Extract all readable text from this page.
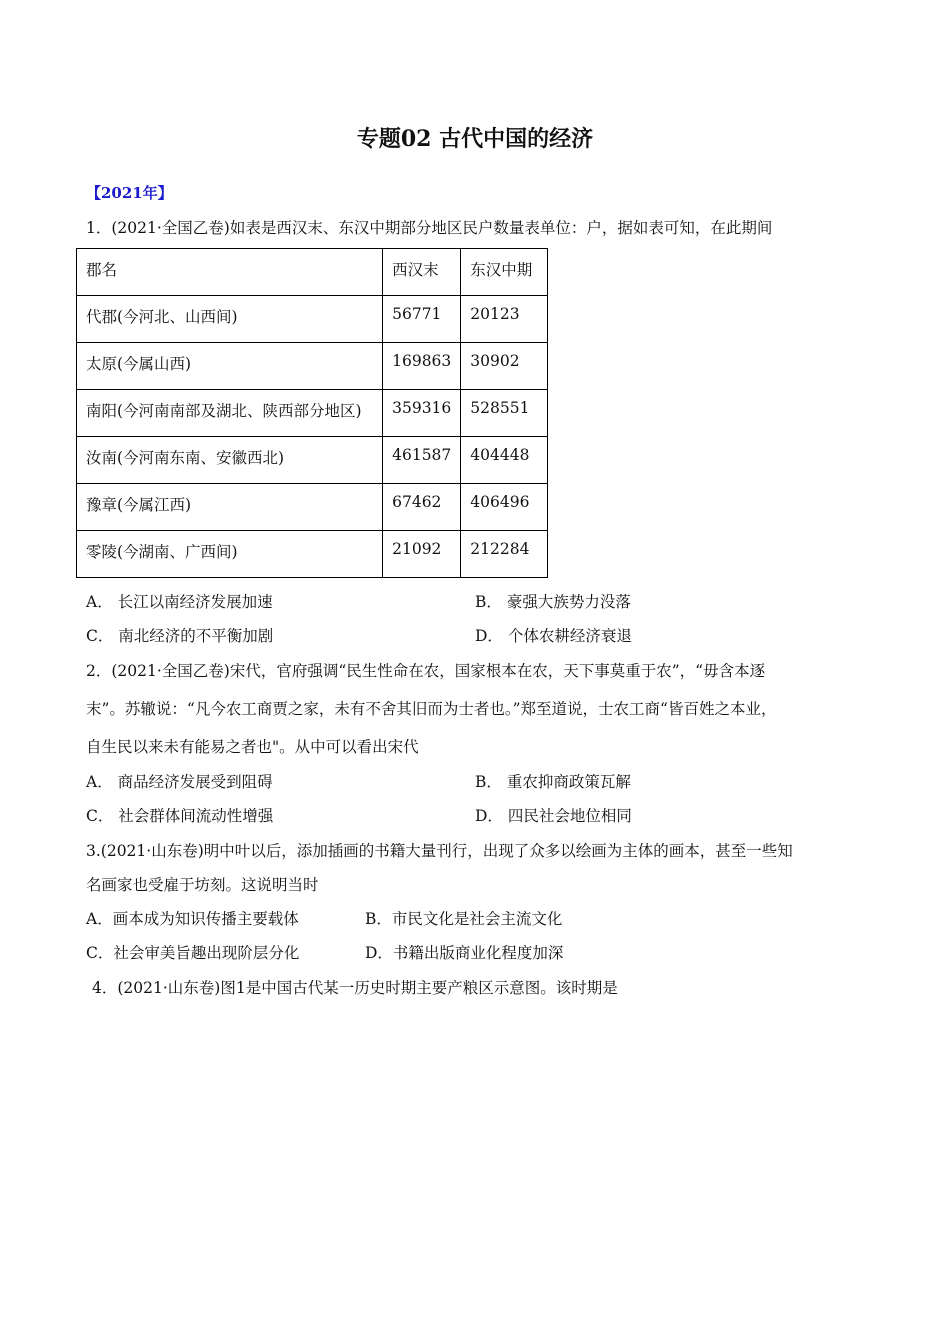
专题02 古代中国的经济
【2021年】
1．(2021·全国乙卷)如表是西汉末、东汉中期部分地区民户数量表单位：户，据如表可知，在此期间
郡名	西汉末	东汉中期
代郡(今河北、山西间)	56771	20123
太原(今属山西)	169863	30902
南阳(今河南南部及湖北、陕西部分地区)	359316	528551
汝南(今河南东南、安徽西北)	461587	404448
豫章(今属江西)	67462	406496
零陵(今湖南、广西间)	21092	212284
A． 长江以南经济发展加速	B． 豪强大族势力没落
C． 南北经济的不平衡加剧	D． 个体农耕经济衰退
2．(2021·全国乙卷)宋代，官府强调“民生性命在农，国家根本在农，天下事莫重于农”，“毋含本逐
末”。苏辙说：“凡今农工商贾之家，未有不舍其旧而为士者也。”郑至道说，士农工商“皆百姓之本业，
自生民以来未有能易之者也"。从中可以看出宋代
A． 商品经济发展受到阻碍	B． 重农抑商政策瓦解
C． 社会群体间流动性增强	D． 四民社会地位相同
3.(2021·山东卷)明中叶以后，添加插画的书籍大量刊行，出现了众多以绘画为主体的画本，甚至一些知
名画家也受雇于坊刻。这说明当时
A．画本成为知识传播主要载体	B．市民文化是社会主流文化
C．社会审美旨趣出现阶层分化	D．书籍出版商业化程度加深
4．(2021·山东卷)图1是中国古代某一历史时期主要产粮区示意图。该时期是
